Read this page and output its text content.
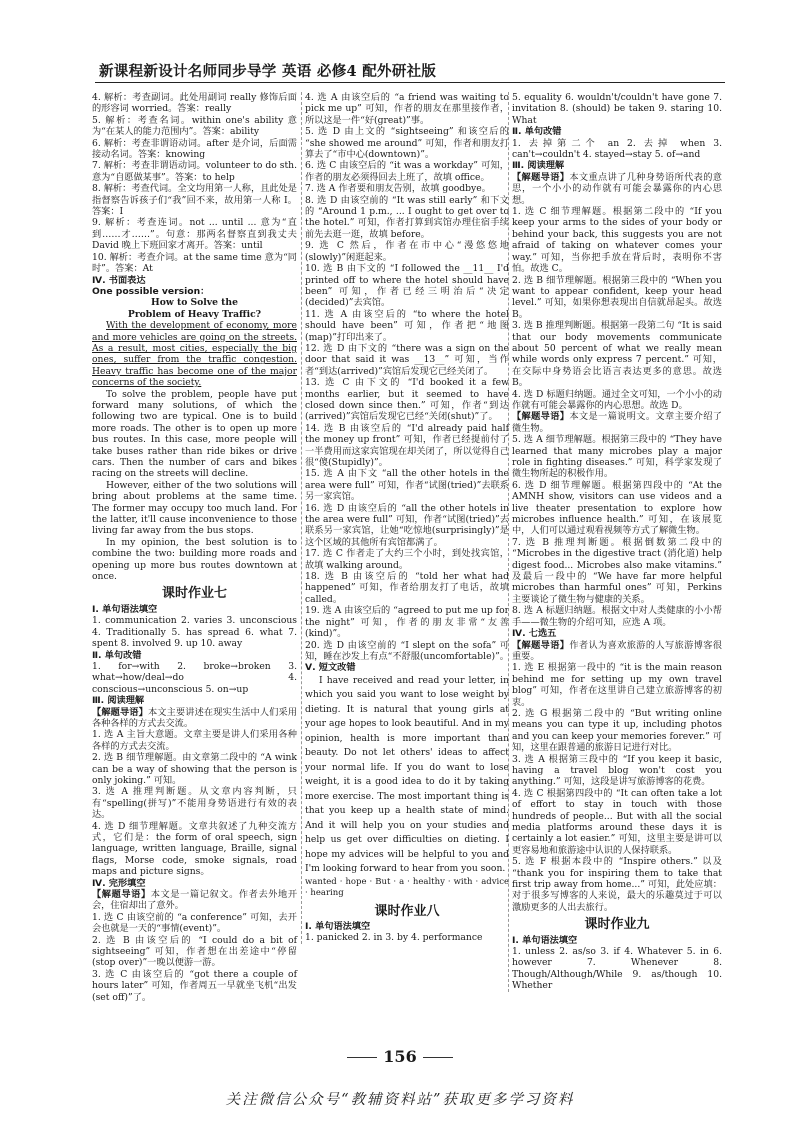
新课程新设计名师同步导学 英语 必修4 配外研社版

4. 解析：考查副词。此处用副词 really 修饰后面的形容词 worried。答案：really

5. 解析：考查名词。within one's ability 意为“在某人的能力范围内”。答案：ability

6. 解析：考查非谓语动词。after 是介词，后面需接动名词。答案：knowing

7. 解析：考查非谓语动词。volunteer to do sth. 意为“自愿做某事”。答案：to help

8. 解析：考查代词。全文均用第一人称，且此处是指督察告诉孩子们“我”回不来，故用第一人称 I。答案：I

9. 解析：考查连词。not ... until ... 意为“直到……才……”。句意：那两名督察直到我丈夫 David 晚上下班回家才离开。答案：until

10. 解析：考查介词。at the same time 意为“同时”。答案：At

Ⅳ. 书面表达

One possible version：

How to Solve the

Problem of Heavy Traffic?

With the development of economy, more and more vehicles are going on the streets. As a result, most cities, especially the big ones, suffer from the traffic congestion. Heavy traffic has become one of the major concerns of the society.

To solve the problem, people have put forward many solutions, of which the following two are typical. One is to build more roads. The other is to open up more bus routes. In this case, more people will take buses rather than ride bikes or drive cars. Then the number of cars and bikes racing on the streets will decline.

However, either of the two solutions will bring about problems at the same time. The former may occupy too much land. For the latter, it'll cause inconvenience to those living far away from the bus stops.

In my opinion, the best solution is to combine the two: building more roads and opening up more bus routes downtown at once.

课时作业七

Ⅰ. 单句语法填空

1. communication 2. varies 3. unconscious 4. Traditionally 5. has spread 6. what 7. spent 8. involved 9. up 10. away

Ⅱ. 单句改错

1. for→with 2. broke→broken 3. what→how/deal→do 4. conscious→unconscious 5. on→up

Ⅲ. 阅读理解

【解题导语】本文主要讲述在现实生活中人们采用各种各样的方式去交流。

1. 选 A 主旨大意题。文章主要是讲人们采用各种各样的方式去交流。

2. 选 B 细节理解题。由文章第二段中的 “A wink can be a way of showing that the person is only joking.” 可知。

3. 选 A 推理判断题。从文章内容判断，只有“spelling(拼写)”不能用身势语进行有效的表达。

4. 选 D 细节理解题。文章共叙述了九种交流方式，它们是：the form of oral speech, sign language, written language, Braille, signal flags, Morse code, smoke signals, road maps and picture signs。

Ⅳ. 完形填空

【解题导语】本文是一篇记叙文。作者去外地开会，住宿却出了意外。

1. 选 C 由该空前的 “a conference” 可知，去开会也就是一天的“事情(event)”。

2. 选 B 由该空后的 “I could do a bit of sightseeing” 可知，作者想在出差途中“停留(stop over)”一晚以便游一游。

3. 选 C 由该空后的 “got there a couple of hours later” 可知，作者周五一早就坐飞机“出发(set off)”了。

4. 选 A 由该空后的 “a friend was waiting to pick me up” 可知，作者的朋友在那里接作者，所以这是一件“好(great)”事。

5. 选 D 由上文的 “sightseeing” 和该空后的 “she showed me around” 可知，作者和朋友打算去了“市中心(downtown)”。

6. 选 C 由该空后的 “it was a workday” 可知，作者的朋友必须得回去上班了，故填 office。

7. 选 A 作者要和朋友告别，故填 goodbye。

8. 选 D 由该空前的 “It was still early” 和下文的 “Around 1 p.m., ... I ought to get over to the hotel.” 可知，作者打算到宾馆办理住宿手续前先去逛一逛，故填 before。

9. 选 C 然后，作者在市中心“漫悠悠地(slowly)”闲逛起来。

10. 选 B 由下文的 “I followed the __11__ I'd printed off to where the hotel should have been” 可知，作者已经三明治后“决定(decided)”去宾馆。

11. 选 A 由该空后的 “to where the hotel should have been” 可知，作者把“地图(map)”打印出来了。

12. 选 D 由下文的 “there was a sign on the door that said it was __13__” 可知，当作者“到达(arrived)”宾馆后发现它已经关闭了。

13. 选 C 由下文的 “I'd booked it a few months earlier, but it seemed to have closed down since then.” 可知，作者“到达(arrived)”宾馆后发现它已经“关闭(shut)”了。

14. 选 B 由该空后的 “I'd already paid half the money up front” 可知，作者已经提前付了一半费用而这家宾馆现在却关闭了，所以觉得自己很“傻(Stupidly)”。

15. 选 A 由下文 “all the other hotels in the area were full” 可知，作者“试图(tried)”去联系另一家宾馆。

16. 选 D 由该空后的 “all the other hotels in the area were full” 可知，作者“试图(tried)”去联系另一家宾馆，让她“吃惊地(surprisingly)”是这个区域的其他所有宾馆都满了。

17. 选 C 作者走了大约三个小时，到处找宾馆，故填 walking around。

18. 选 B 由该空后的 “told her what had happened” 可知，作者给朋友打了电话，故填 called。

19. 选 A 由该空后的 “agreed to put me up for the night” 可知，作者的朋友非常“友善(kind)”。

20. 选 D 由该空前的 “I slept on the sofa” 可知，睡在沙发上有点“不舒服(uncomfortable)”。

Ⅴ. 短文改错

I have received and read your letter, in which you said you want to lose weight by dieting. It is natural that young girls at your age hopes to look beautiful. And in my opinion, health is more important than beauty. Do not let others' ideas to affect your normal life. If you do want to lose weight, it is a good idea to do it by taking more exercise. The most important thing is that you keep up a health state of mind. And it will help you on your studies and help us get over difficulties on dieting. I hope my advices will be helpful to you and I'm looking forward to hear from you soon.

wanted · hope · But · a · healthy · with · advice · hearing

课时作业八

Ⅰ. 单句语法填空

1. panicked 2. in 3. by 4. performance

5. equality 6. wouldn't/couldn't have gone 7. invitation 8. (should) be taken 9. staring 10. What

Ⅱ. 单句改错

1. 去掉第二个 an 2. 去掉 when 3. can't→couldn't 4. stayed→stay 5. of→and

Ⅲ. 阅读理解

【解题导语】本文重点讲了几种身势语所代表的意思，一个小小的动作就有可能会暴露你的内心思想。

1. 选 C 细节理解题。根据第二段中的 “If you keep your arms to the sides of your body or behind your back, this suggests you are not afraid of taking on whatever comes your way.” 可知，当你把手放在背后时，表明你不害怕。故选 C。

2. 选 B 细节理解题。根据第三段中的 “When you want to appear confident, keep your head level.” 可知，如果你想表现出自信就昂起头。故选 B。

3. 选 B 推理判断题。根据第一段第二句 “It is said that our body movements communicate about 50 percent of what we really mean while words only express 7 percent.” 可知，在交际中身势语会比语言表达更多的意思。故选 B。

4. 选 D 标题归纳题。通过全文可知，一个小小的动作就有可能会暴露你的内心思想。故选 D。

【解题导语】本文是一篇说明文。文章主要介绍了微生物。

5. 选 A 细节理解题。根据第三段中的 “They have learned that many microbes play a major role in fighting diseases.” 可知，科学家发现了微生物所起的积极作用。

6. 选 D 细节理解题。根据第四段中的 “At the AMNH show, visitors can use videos and a live theater presentation to explore how microbes influence health.” 可知，在该展览中，人们可以通过观看视频等方式了解微生物。

7. 选 B 推理判断题。根据倒数第二段中的 “Microbes in the digestive tract (消化道) help digest food... Microbes also make vitamins.” 及最后一段中的 “We have far more helpful microbes than harmful ones” 可知，Perkins 主要谈论了微生物与健康的关系。

8. 选 A 标题归纳题。根据文中对人类健康的小小帮手——微生物的介绍可知，应选 A 项。

Ⅳ. 七选五

【解题导语】作者认为喜欢旅游的人写旅游博客很重要。

1. 选 E 根据第一段中的 “it is the main reason behind me for setting up my own travel blog” 可知，作者在这里讲自己建立旅游博客的初衷。

2. 选 G 根据第二段中的 “But writing online means you can type it up, including photos and you can keep your memories forever.” 可知，这里在跟普通的旅游日记进行对比。

3. 选 A 根据第三段中的 “If you keep it basic, having a travel blog won't cost you anything.” 可知，这段是讲写旅游博客的花费。

4. 选 C 根据第四段中的 “It can often take a lot of effort to stay in touch with those hundreds of people... But with all the social media platforms around these days it is certainly a lot easier.” 可知，这里主要是讲可以更容易地和旅游途中认识的人保持联系。

5. 选 F 根据本段中的 “Inspire others.” 以及 “thank you for inspiring them to take that first trip away from home...” 可知，此处应填：对于很多写博客的人来说，最大的乐趣莫过于可以激励更多的人出去旅行。

课时作业九

Ⅰ. 单句语法填空

1. unless 2. as/so 3. if 4. Whatever 5. in 6. however 7. Whenever 8. Though/Although/While 9. as/though 10. Whether

156
关注微信公众号“教辅资料站”获取更多学习资料
